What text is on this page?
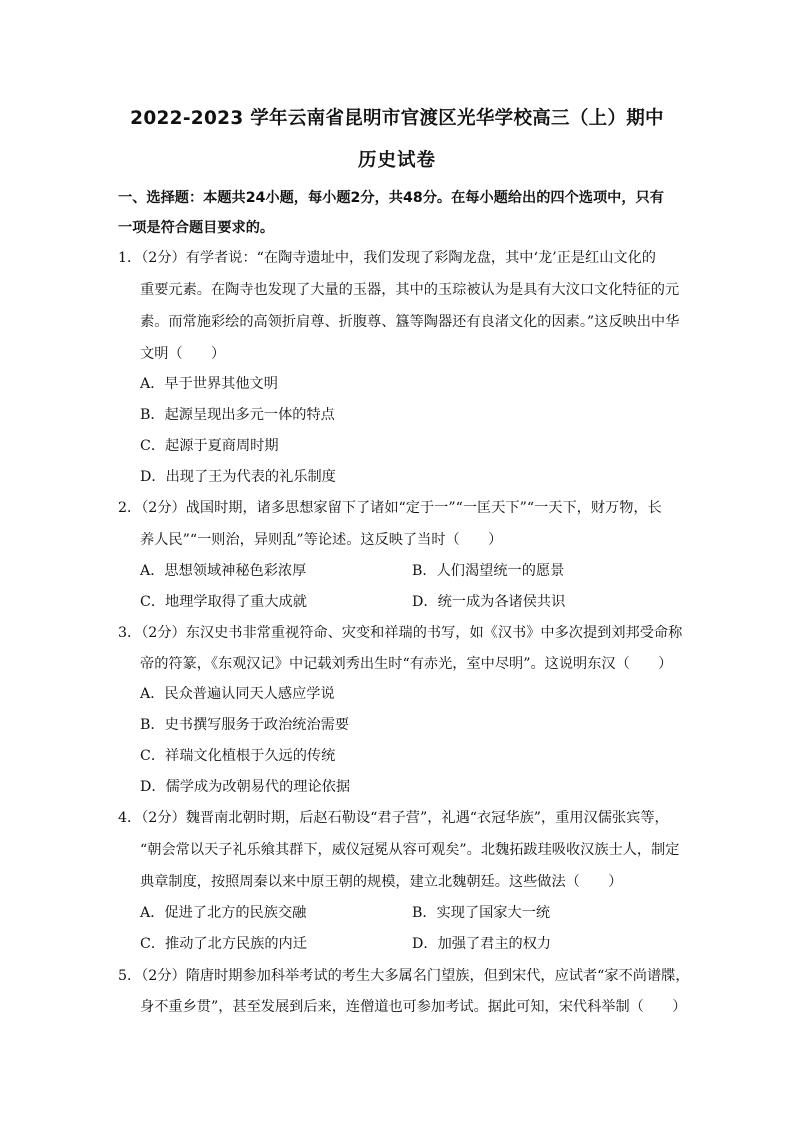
2022-2023 学年云南省昆明市官渡区光华学校高三（上）期中
历史试卷
一、选择题：本题共24小题，每小题2分，共48分。在每小题给出的四个选项中，只有
一项是符合题目要求的。
1．（2分）有学者说：“在陶寺遗址中，我们发现了彩陶龙盘，其中‘龙’正是红山文化的
重要元素。在陶寺也发现了大量的玉器，其中的玉琮被认为是具有大汶口文化特征的元
素。而常施彩绘的高领折肩尊、折腹尊、簋等陶器还有良渚文化的因素。”这反映出中华
文明（　　）
A．早于世界其他文明
B．起源呈现出多元一体的特点
C．起源于夏商周时期
D．出现了王为代表的礼乐制度
2．（2分）战国时期，诸多思想家留下了诸如“定于一”“一匡天下”“一天下，财万物，长
养人民”“一则治，异则乱”等论述。这反映了当时（　　）
A．思想领域神秘色彩浓厚	B．人们渴望统一的愿景
C．地理学取得了重大成就	D．统一成为各诸侯共识
3．（2分）东汉史书非常重视符命、灾变和祥瑞的书写，如《汉书》中多次提到刘邦受命称
帝的符篆，《东观汉记》中记载刘秀出生时“有赤光，室中尽明”。这说明东汉（　　）
A．民众普遍认同天人感应学说
B．史书撰写服务于政治统治需要
C．祥瑞文化植根于久远的传统
D．儒学成为改朝易代的理论依据
4．（2分）魏晋南北朝时期，后赵石勒设“君子营”，礼遇“衣冠华族”，重用汉儒张宾等，
“朝会常以天子礼乐飨其群下，威仪冠冕从容可观矣”。北魏拓跋珪吸收汉族士人，制定
典章制度，按照周秦以来中原王朝的规模，建立北魏朝廷。这些做法（　　）
A．促进了北方的民族交融	B．实现了国家大一统
C．推动了北方民族的内迁	D．加强了君主的权力
5．（2分）隋唐时期参加科举考试的考生大多属名门望族，但到宋代，应试者“家不尚谱牒，
身不重乡贯”，甚至发展到后来，连僧道也可参加考试。据此可知，宋代科举制（　　）
